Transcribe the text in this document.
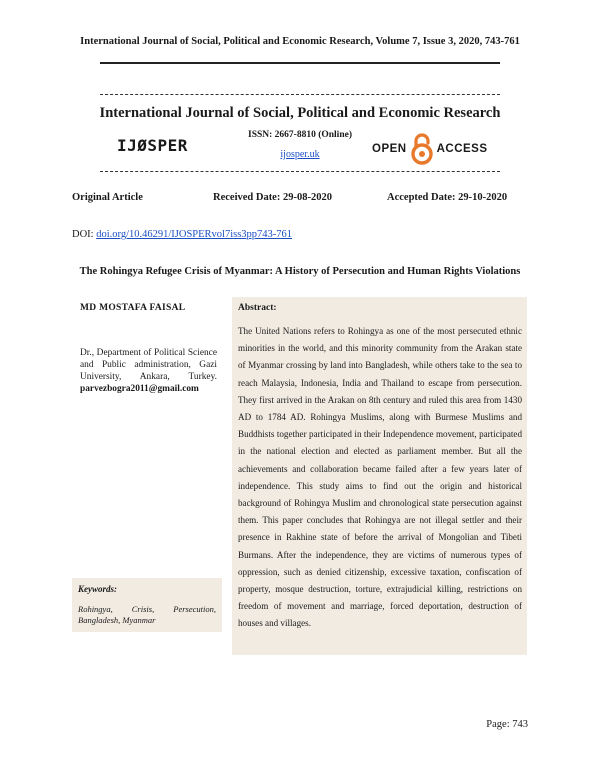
International Journal of Social, Political and Economic Research, Volume 7, Issue 3, 2020, 743-761
International Journal of Social, Political and Economic Research
IJØSPER
ISSN: 2667-8810 (Online)
ijosper.uk	OPEN	ACCESS
Original Article	Received Date: 29-08-2020	Accepted Date: 29-10-2020
DOI: doi.org/10.46291/IJOSPERvol7iss3pp743-761
The Rohingya Refugee Crisis of Myanmar: A History of Persecution and Human Rights Violations
MD MOSTAFA FAISAL
Dr., Department of Political Science and Public administration, Gazi University, Ankara, Turkey. parvezbogra2011@gmail.com
Keywords:
Rohingya, Crisis, Persecution, Bangladesh, Myanmar
Abstract:
The United Nations refers to Rohingya as one of the most persecuted ethnic minorities in the world, and this minority community from the Arakan state of Myanmar crossing by land into Bangladesh, while others take to the sea to reach Malaysia, Indonesia, India and Thailand to escape from persecution. They first arrived in the Arakan on 8th century and ruled this area from 1430 AD to 1784 AD. Rohingya Muslims, along with Burmese Muslims and Buddhists together participated in their Independence movement, participated in the national election and elected as parliament member. But all the achievements and collaboration became failed after a few years later of independence. This study aims to find out the origin and historical background of Rohingya Muslim and chronological state persecution against them. This paper concludes that Rohingya are not illegal settler and their presence in Rakhine state of before the arrival of Mongolian and Tibeti Burmans. After the independence, they are victims of numerous types of oppression, such as denied citizenship, excessive taxation, confiscation of property, mosque destruction, torture, extrajudicial killing, restrictions on freedom of movement and marriage, forced deportation, destruction of houses and villages.
Page: 743
